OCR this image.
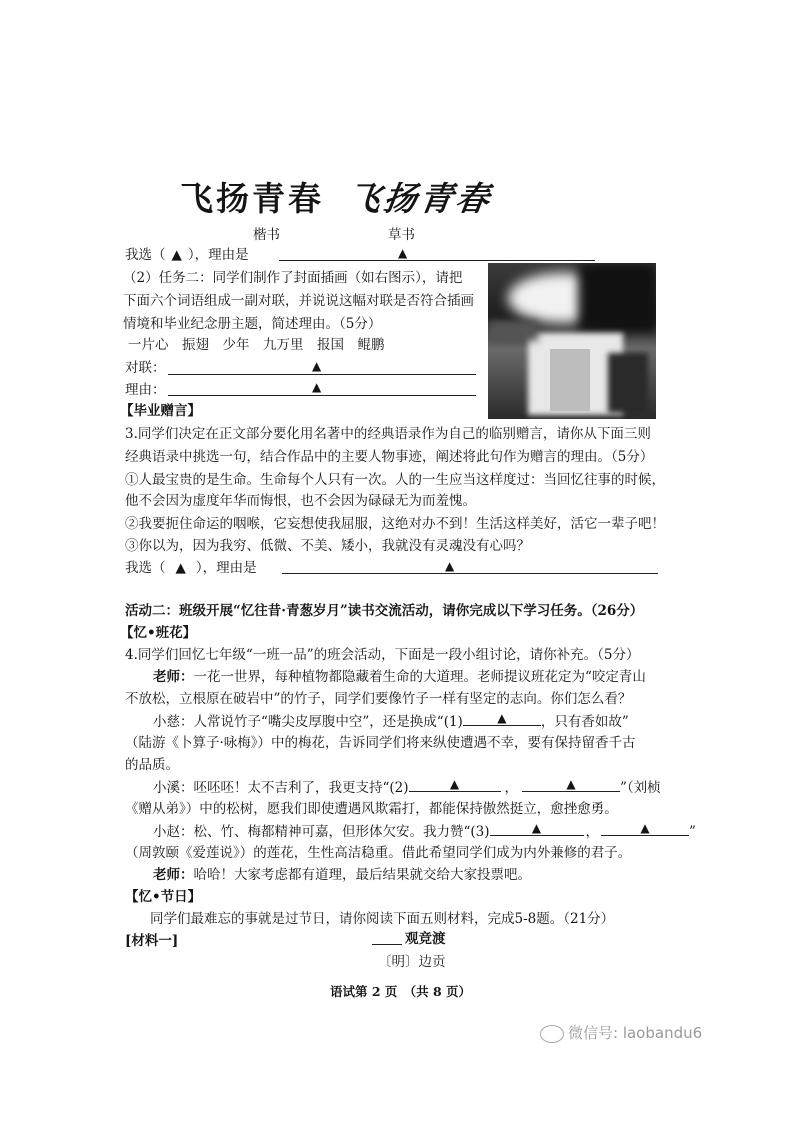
飞扬青春 飞扬青春
楷书	草书
我选（ ▲ ），理由是	▲
（2）任务二：同学们制作了封面插画（如右图示），请把
下面六个词语组成一副对联，并说说这幅对联是否符合插画
情境和毕业纪念册主题，简述理由。（5分）
一片心　振翅　少年　九万里　报国　鲲鹏
对联：	▲
理由：	▲
【毕业赠言】
3.同学们决定在正文部分要化用名著中的经典语录作为自己的临别赠言，请你从下面三则
经典语录中挑选一句，结合作品中的主要人物事迹，阐述将此句作为赠言的理由。（5分）
①人最宝贵的是生命。生命每个人只有一次。人的一生应当这样度过：当回忆往事的时候，
他不会因为虚度年华而悔恨，也不会因为碌碌无为而羞愧。
②我要扼住命运的咽喉，它妄想使我屈服，这绝对办不到！生活这样美好，活它一辈子吧！
③你以为，因为我穷、低微、不美、矮小，我就没有灵魂没有心吗？
我选（ ▲ ），理由是	▲
活动二：班级开展“忆往昔·青葱岁月”读书交流活动，请你完成以下学习任务。（26分）
【忆•班花】
4.同学们回忆七年级“一班一品”的班会活动，下面是一段小组讨论，请你补充。（5分）
老师：一花一世界，每种植物都隐藏着生命的大道理。老师提议班花定为“咬定青山
不放松，立根原在破岩中”的竹子，同学们要像竹子一样有坚定的志向。你们怎么看？
小慈：人常说竹子“嘴尖皮厚腹中空”，还是换成“(1)	▲	，只有香如故”
（陆游《卜算子·咏梅》）中的梅花，告诉同学们将来纵使遭遇不幸，要有保持留香千古
的品质。
小溪：呸呸呸！太不吉利了，我更支持“(2)	▲	，	▲	”（刘桢
《赠从弟》）中的松树，愿我们即使遭遇风欺霜打，都能保持傲然挺立，愈挫愈勇。
小赵：松、竹、梅都精神可嘉，但形体欠安。我力赞“(3)	▲	，	▲	”
（周敦颐《爱莲说》）的莲花，生性高洁稳重。借此希望同学们成为内外兼修的君子。
老师：哈哈！大家考虑都有道理，最后结果就交给大家投票吧。
【忆•节日】
同学们最难忘的事就是过节日，请你阅读下面五则材料，完成5-8题。（21分）
[材料一]	观竞渡
〔明〕边贡
语试第 2 页　（共 8 页）
微信号: laobandu6
